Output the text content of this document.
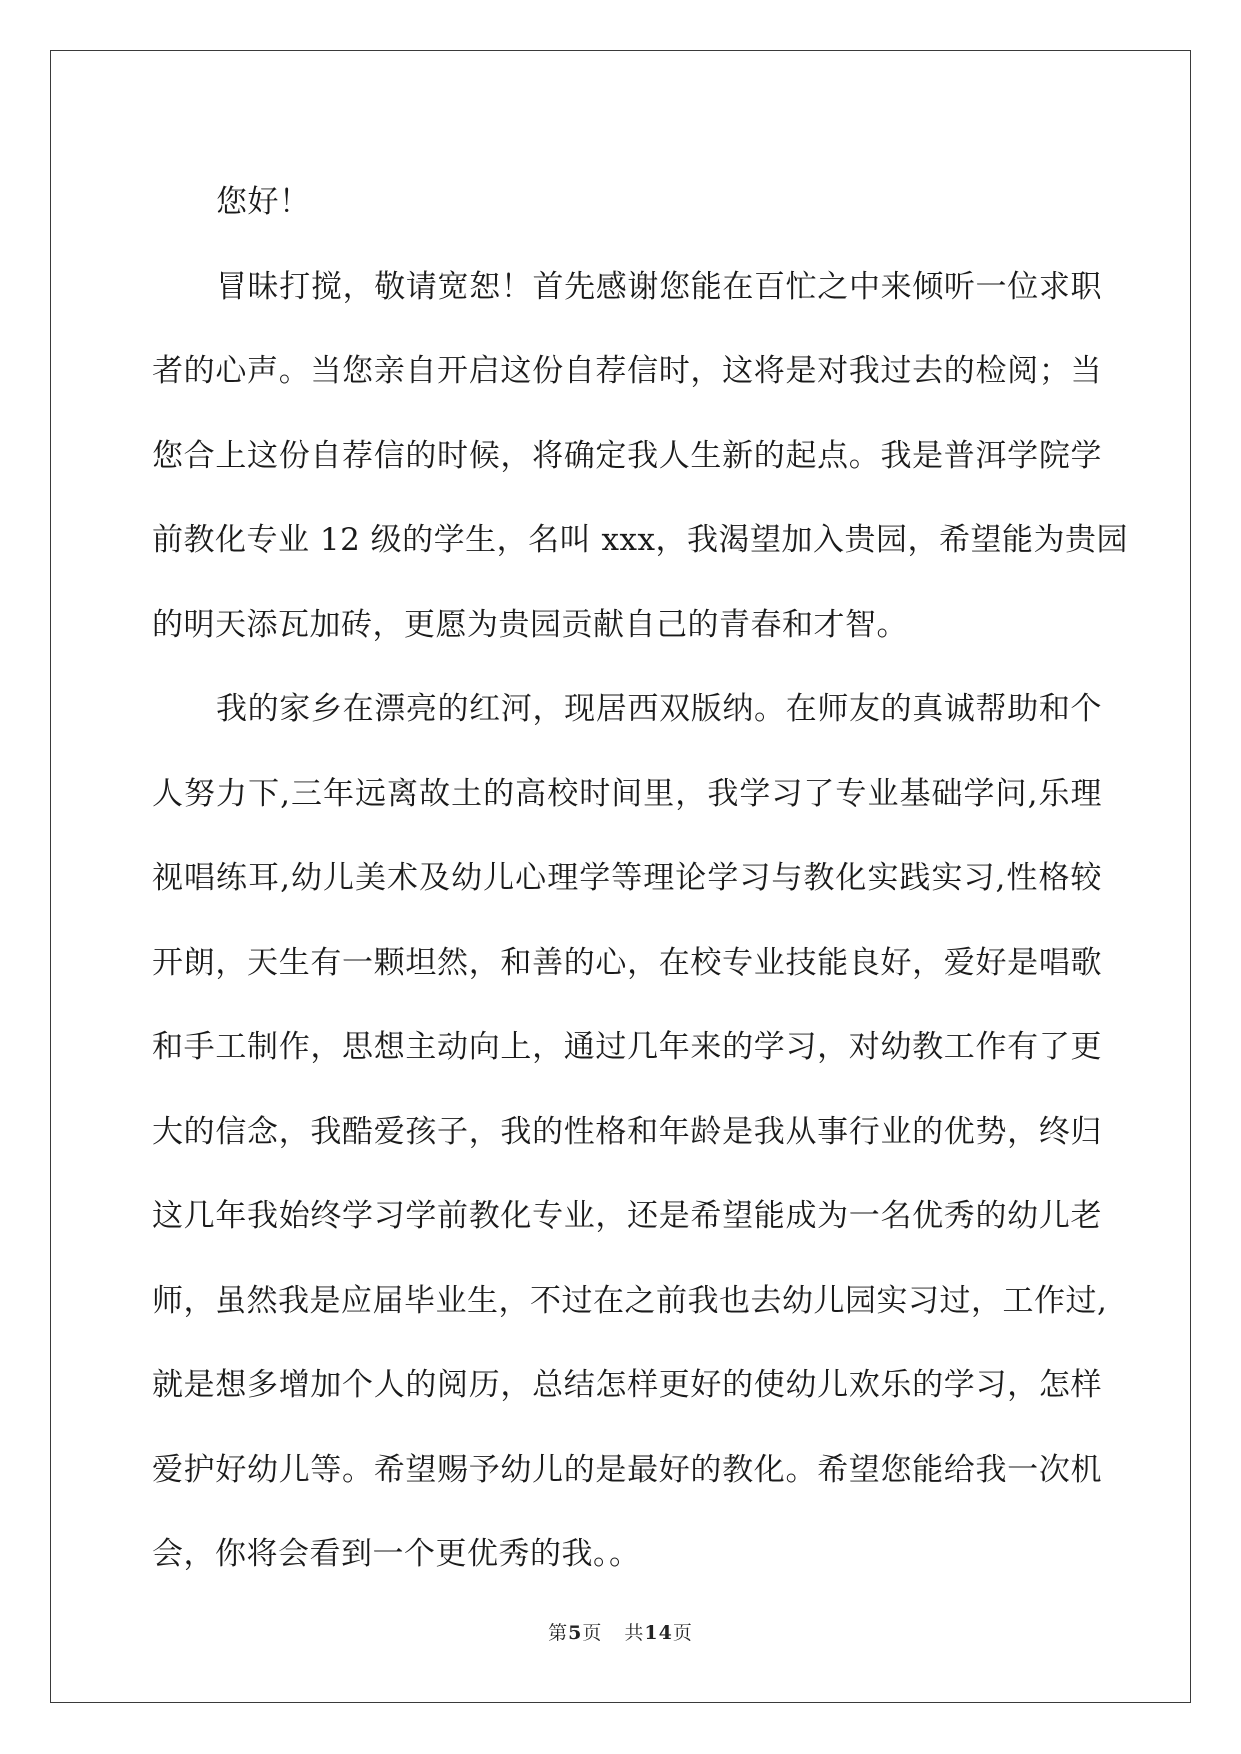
您好！
冒昧打搅，敬请宽恕！首先感谢您能在百忙之中来倾听一位求职
者的心声。当您亲自开启这份自荐信时，这将是对我过去的检阅；当
您合上这份自荐信的时候，将确定我人生新的起点。我是普洱学院学
前教化专业 12 级的学生，名叫 xxx，我渴望加入贵园，希望能为贵园
的明天添瓦加砖，更愿为贵园贡献自己的青春和才智。
我的家乡在漂亮的红河，现居西双版纳。在师友的真诚帮助和个
人努力下,三年远离故土的高校时间里，我学习了专业基础学问,乐理
视唱练耳,幼儿美术及幼儿心理学等理论学习与教化实践实习,性格较
开朗，天生有一颗坦然，和善的心，在校专业技能良好，爱好是唱歌
和手工制作，思想主动向上，通过几年来的学习，对幼教工作有了更
大的信念，我酷爱孩子，我的性格和年龄是我从事行业的优势，终归
这几年我始终学习学前教化专业，还是希望能成为一名优秀的幼儿老
师，虽然我是应届毕业生，不过在之前我也去幼儿园实习过，工作过,
就是想多增加个人的阅历，总结怎样更好的使幼儿欢乐的学习，怎样
爱护好幼儿等。希望赐予幼儿的是最好的教化。希望您能给我一次机
会，你将会看到一个更优秀的我。。
第5页 共14页
